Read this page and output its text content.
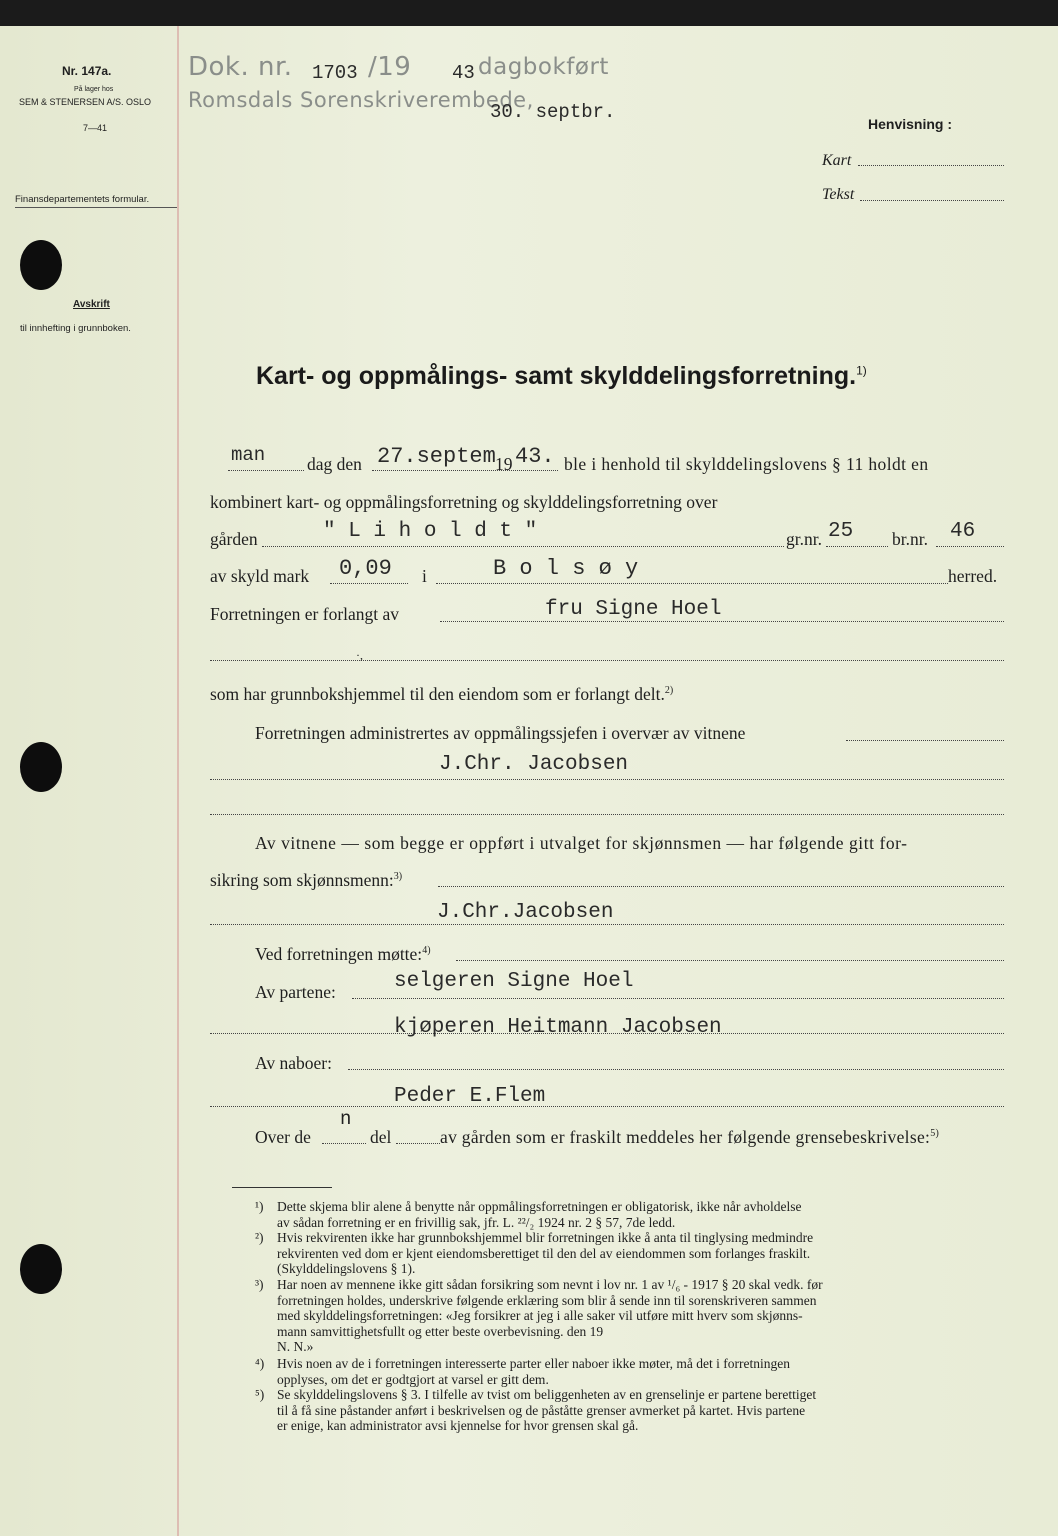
Nr. 147a.
På lager hos
SEM & STENERSEN A/S. OSLO
7—41
Finansdepartementets formular.
Avskrift
til innhefting i grunnboken.
Dok. nr. 1703 /19 43 dagbokført
Romsdals Sorenskriverembede,
30. septbr.
Henvisning :
Kart
Tekst
Kart- og oppmålings- samt skylddelingsforretning.$^{1)}$
man dag den 27.septem 19 43. ble i henhold til skylddelingslovens § 11 holdt en
kombinert kart- og oppmålingsforretning og skylddelingsforretning over
gården	" L i h o l d t "	gr.nr. 25 br.nr. 46
av skyld mark 0,09 i	B o l s ø y	herred.
Forretningen er forlangt av	fru Signe Hoel
·,
som har grunnbokshjemmel til den eiendom som er forlangt delt.$^{2)}$
Forretningen administrertes av oppmålingssjefen i overvær av vitnene
J.Chr. Jacobsen
Av vitnene — som begge er oppført i utvalget for skjønnsmen — har følgende gitt for-
sikring som skjønnsmenn:$^{3)}$
J.Chr.Jacobsen
Ved forretningen møtte:$^{4)}$
Av partene:	selgeren Signe Hoel
kjøperen Heitmann Jacobsen
Av naboer:
Peder E.Flem
Over de
n
del	av gården som er fraskilt meddeles her følgende grensebeskrivelse:$^{5)}$
¹) Dette skjema blir alene å benytte når oppmålingsforretningen er obligatorisk, ikke når avholdelse
av sådan forretning er en frivillig sak, jfr. L. ²²/₂ 1924 nr. 2 § 57, 7de ledd.
²) Hvis rekvirenten ikke har grunnbokshjemmel blir forretningen ikke å anta til tinglysing medmindre
rekvirenten ved dom er kjent eiendomsberettiget til den del av eiendommen som forlanges fraskilt.
(Skylddelingslovens § 1).
³) Har noen av mennene ikke gitt sådan forsikring som nevnt i lov nr. 1 av ¹/₆ - 1917 § 20 skal vedk. før
forretningen holdes, underskrive følgende erklæring som blir å sende inn til sorenskriveren sammen
med skylddelingsforretningen: «Jeg forsikrer at jeg i alle saker vil utføre mitt hverv som skjønns-
mann samvittighetsfullt og etter beste overbevisning. den 19
N. N.»
⁴) Hvis noen av de i forretningen interesserte parter eller naboer ikke møter, må det i forretningen
opplyses, om det er godtgjort at varsel er gitt dem.
⁵) Se skylddelingslovens § 3. I tilfelle av tvist om beliggenheten av en grenselinje er partene berettiget
til å få sine påstander anført i beskrivelsen og de påståtte grenser avmerket på kartet. Hvis partene
er enige, kan administrator avsi kjennelse for hvor grensen skal gå.
